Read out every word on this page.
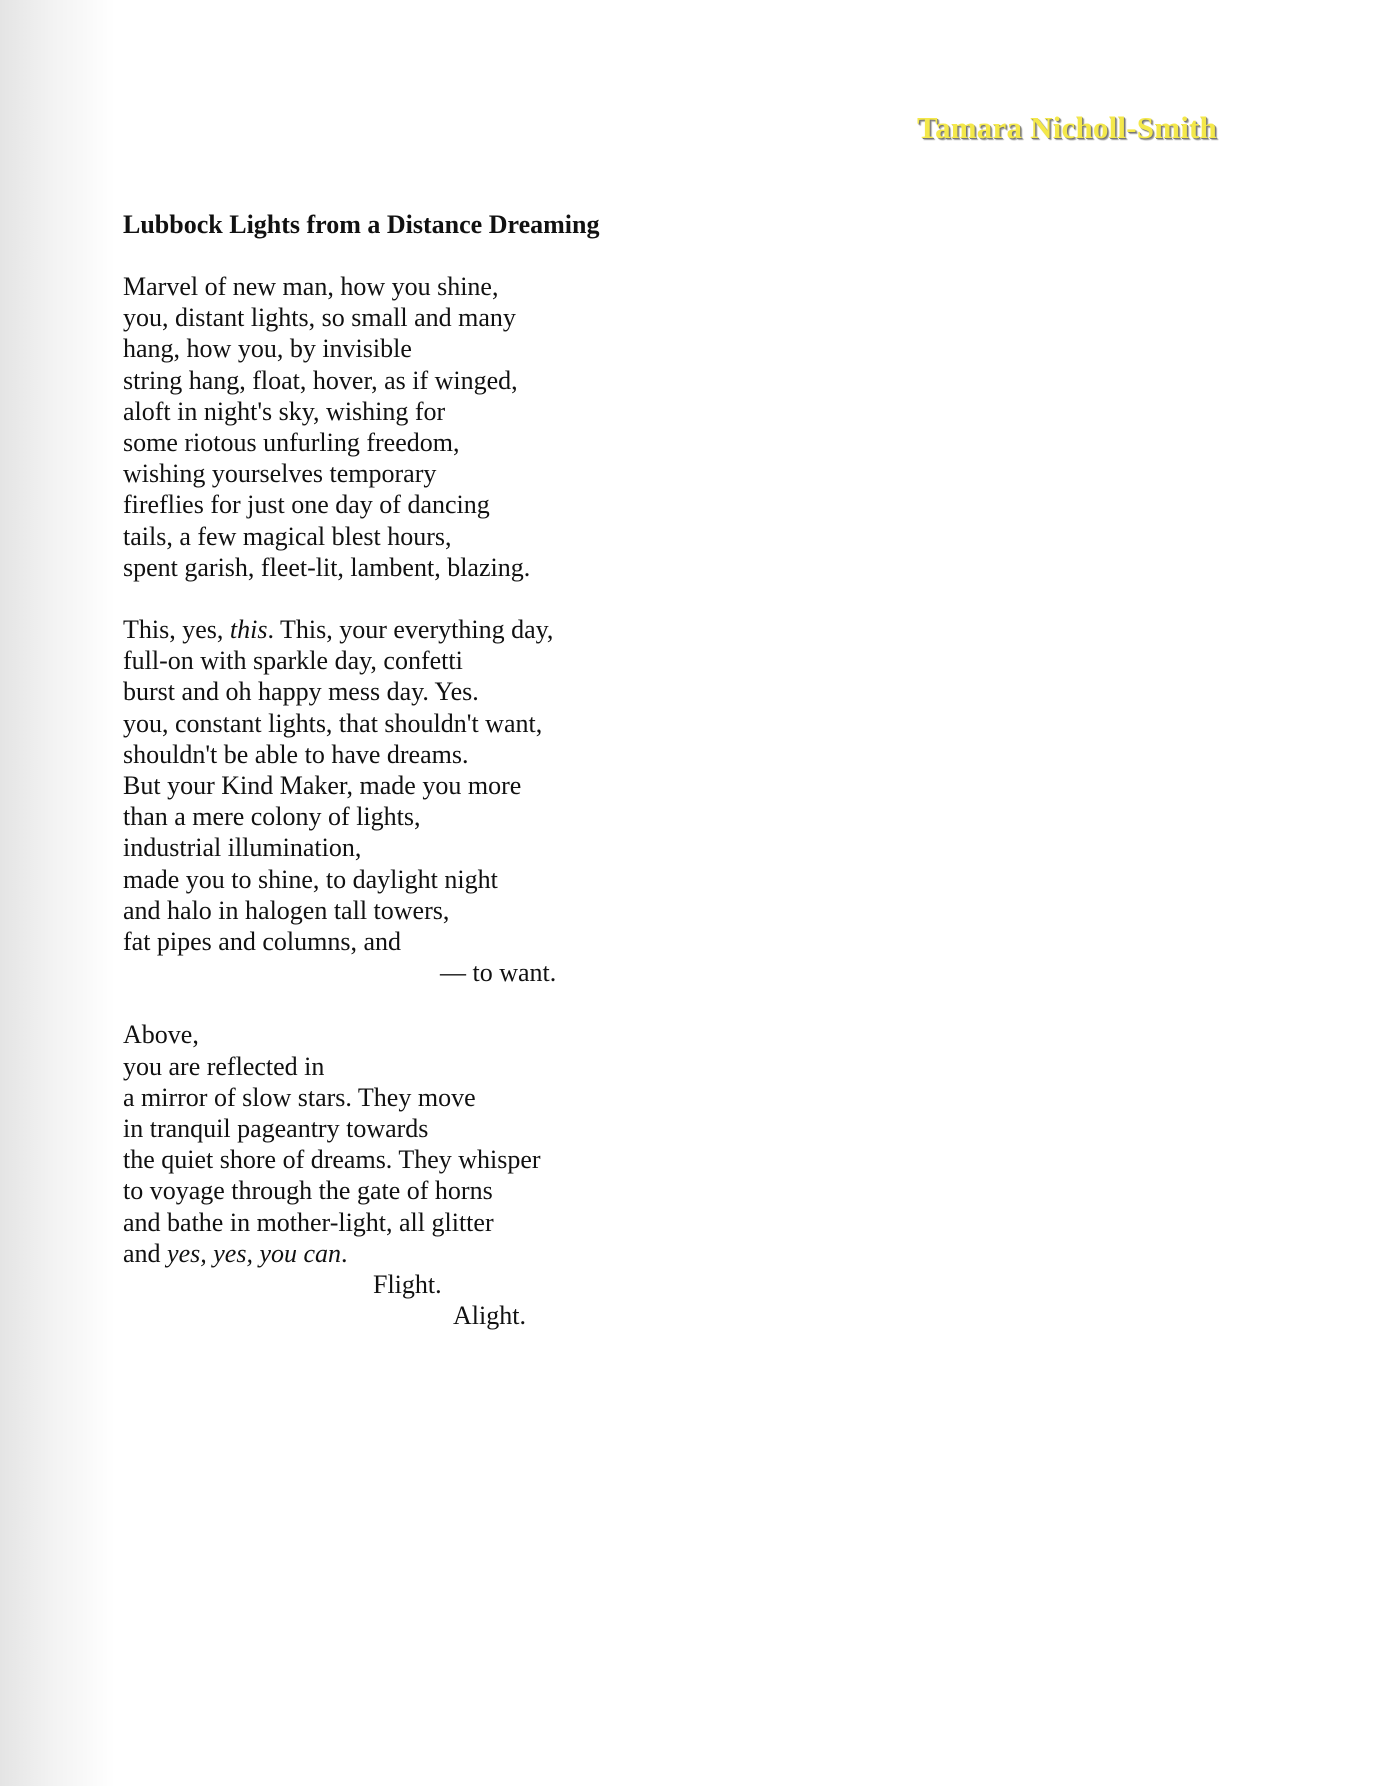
Tamara Nicholl-Smith
Lubbock Lights from a Distance Dreaming
Marvel of new man, how you shine,
you, distant lights, so small and many
hang, how you, by invisible
string hang, float, hover, as if winged,
aloft in night's sky, wishing for
some riotous unfurling freedom,
wishing yourselves temporary
fireflies for just one day of dancing
tails, a few magical blest hours,
spent garish, fleet-lit, lambent, blazing.
This, yes, this. This, your everything day,
full-on with sparkle day, confetti
burst and oh happy mess day. Yes.
you, constant lights, that shouldn't want,
shouldn't be able to have dreams.
But your Kind Maker, made you more
than a mere colony of lights,
industrial illumination,
made you to shine, to daylight night
and halo in halogen tall towers,
fat pipes and columns, and
— to want.
Above,
you are reflected in
a mirror of slow stars. They move
in tranquil pageantry towards
the quiet shore of dreams. They whisper
to voyage through the gate of horns
and bathe in mother-light, all glitter
and yes, yes, you can.
Flight.
Alight.
